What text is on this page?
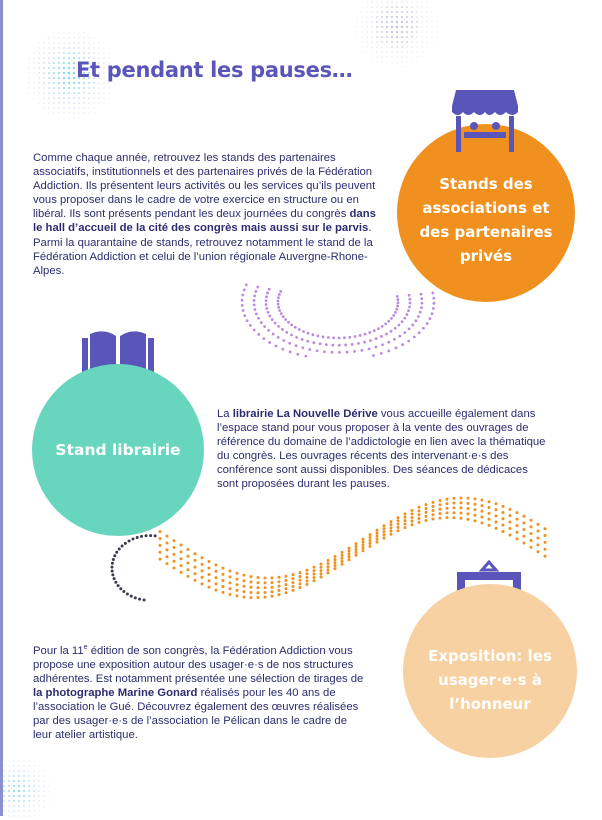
Et pendant les pauses…

Comme chaque année, retrouvez les stands des partenaires associatifs, institutionnels et des partenaires privés de la Fédération Addiction. Ils présentent leurs activités ou les services qu’ils peuvent vous proposer dans le cadre de votre exercice en structure ou en libéral. Ils sont présents pendant les deux journées du congrès dans le hall d’accueil de la cité des congrès mais aussi sur le parvis. Parmi la quarantaine de stands, retrouvez notamment le stand de la Fédération Addiction et celui de l’union régionale Auvergne-Rhone-Alpes.

Stands des associations et des partenaires privés
Stand librairie

La librairie La Nouvelle Dérive vous accueille également dans l’espace stand pour vous proposer à la vente des ouvrages de référence du domaine de l’addictologie en lien avec la thématique du congrès. Les ouvrages récents des intervenant·e·s des conférence sont aussi disponibles. Des séances de dédicaces sont proposées durant les pauses.

Exposition: les usager·e·s à l’honneur

Pour la 11e édition de son congrès, la Fédération Addiction vous propose une exposition autour des usager·e·s de nos structures adhérentes. Est notamment présentée une sélection de tirages de la photographe Marine Gonard réalisés pour les 40 ans de l’association le Gué. Découvrez également des œuvres réalisées par des usager·e·s de l’association le Pélican dans le cadre de leur atelier artistique.
